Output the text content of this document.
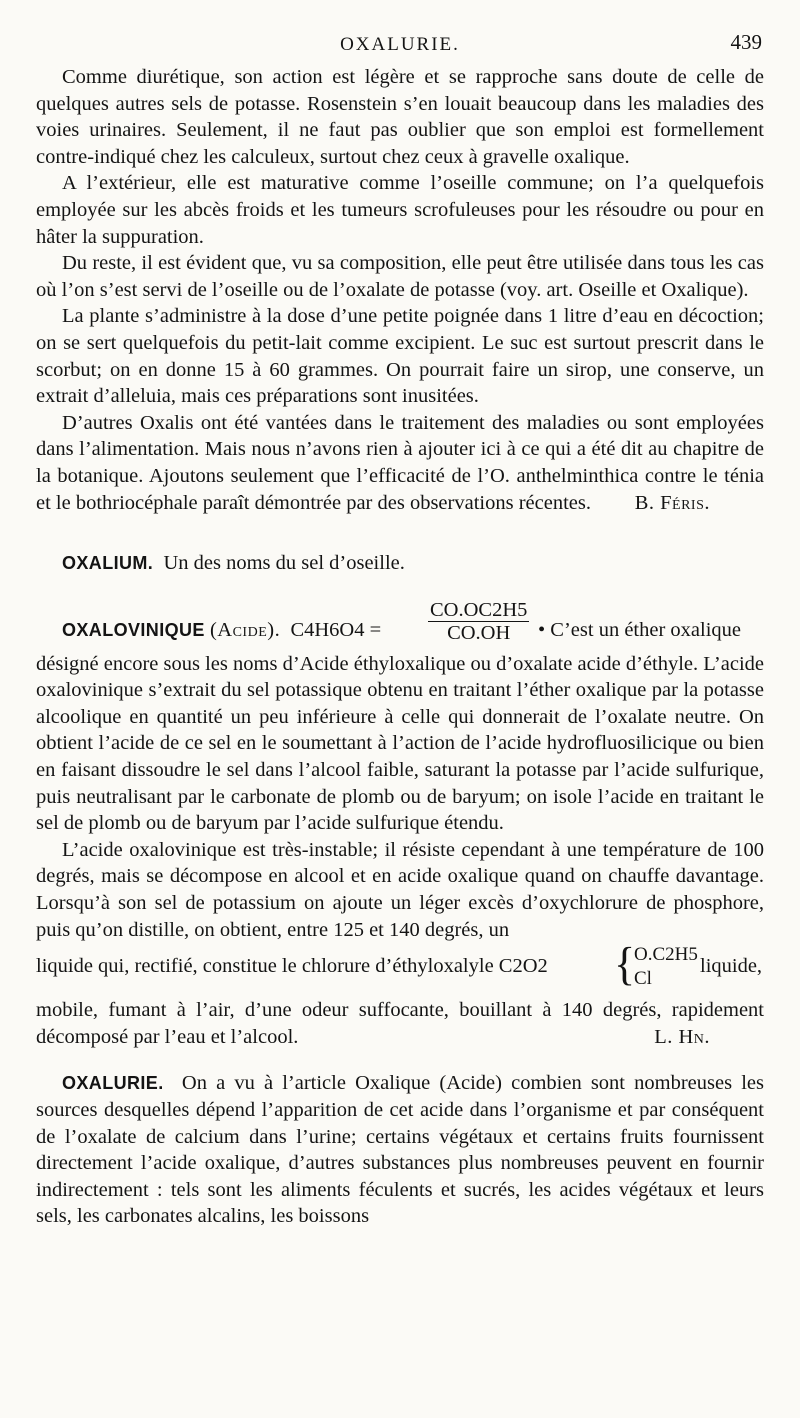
OXALURIE.	439

Comme diurétique, son action est légère et se rapproche sans doute de celle de quelques autres sels de potasse. Rosenstein s’en louait beaucoup dans les maladies des voies urinaires. Seulement, il ne faut pas oublier que son emploi est formellement contre-indiqué chez les calculeux, surtout chez ceux à gravelle oxalique.

A l’extérieur, elle est maturative comme l’oseille commune; on l’a quelquefois employée sur les abcès froids et les tumeurs scrofuleuses pour les résoudre ou pour en hâter la suppuration.

Du reste, il est évident que, vu sa composition, elle peut être utilisée dans tous les cas où l’on s’est servi de l’oseille ou de l’oxalate de potasse (voy. art. Oseille et Oxalique).

La plante s’administre à la dose d’une petite poignée dans 1 litre d’eau en décoction; on se sert quelquefois du petit-lait comme excipient. Le suc est surtout prescrit dans le scorbut; on en donne 15 à 60 grammes. On pourrait faire un sirop, une conserve, un extrait d’alleluia, mais ces préparations sont inusitées.

D’autres Oxalis ont été vantées dans le traitement des maladies ou sont employées dans l’alimentation. Mais nous n’avons rien à ajouter ici à ce qui a été dit au chapitre de la botanique. Ajoutons seulement que l’efficacité de l’O. anthelminthica contre le ténia et le bothriocéphale paraît démontrée par des observations récentes.	B. Féris.

OXALIUM. Un des noms du sel d’oseille.

OXALOVINIQUE (Acide). $C4H6O4 = \frac{CO.OC2H5}{CO.OH}$ • C’est un éther oxalique

désigné encore sous les noms d’Acide éthyloxalique ou d’oxalate acide d’éthyle. L’acide oxalovinique s’extrait du sel potassique obtenu en traitant l’éther oxalique par la potasse alcoolique en quantité un peu inférieure à celle qui donnerait de l’oxalate neutre. On obtient l’acide de ce sel en le soumettant à l’action de l’acide hydrofluosilicique ou bien en faisant dissoudre le sel dans l’alcool faible, saturant la potasse par l’acide sulfurique, puis neutralisant par le carbonate de plomb ou de baryum; on isole l’acide en traitant le sel de plomb ou de baryum par l’acide sulfurique étendu.

L’acide oxalovinique est très-instable; il résiste cependant à une température de 100 degrés, mais se décompose en alcool et en acide oxalique quand on chauffe davantage. Lorsqu’à son sel de potassium on ajoute un léger excès d’oxychlorure de phosphore, puis qu’on distille, on obtient, entre 125 et 140 degrés, un

liquide qui, rectifié, constitue le chlorure d’éthyloxalyle C2O2 {
O.C2H5
Cl
liquide,

mobile, fumant à l’air, d’une odeur suffocante, bouillant à 140 degrés, rapidement décomposé par l’eau et l’alcool.	L. Hn.

OXALURIE. On a vu à l’article Oxalique (Acide) combien sont nombreuses les sources desquelles dépend l’apparition de cet acide dans l’organisme et par conséquent de l’oxalate de calcium dans l’urine; certains végétaux et certains fruits fournissent directement l’acide oxalique, d’autres substances plus nombreuses peuvent en fournir indirectement : tels sont les aliments féculents et sucrés, les acides végétaux et leurs sels, les carbonates alcalins, les boissons
